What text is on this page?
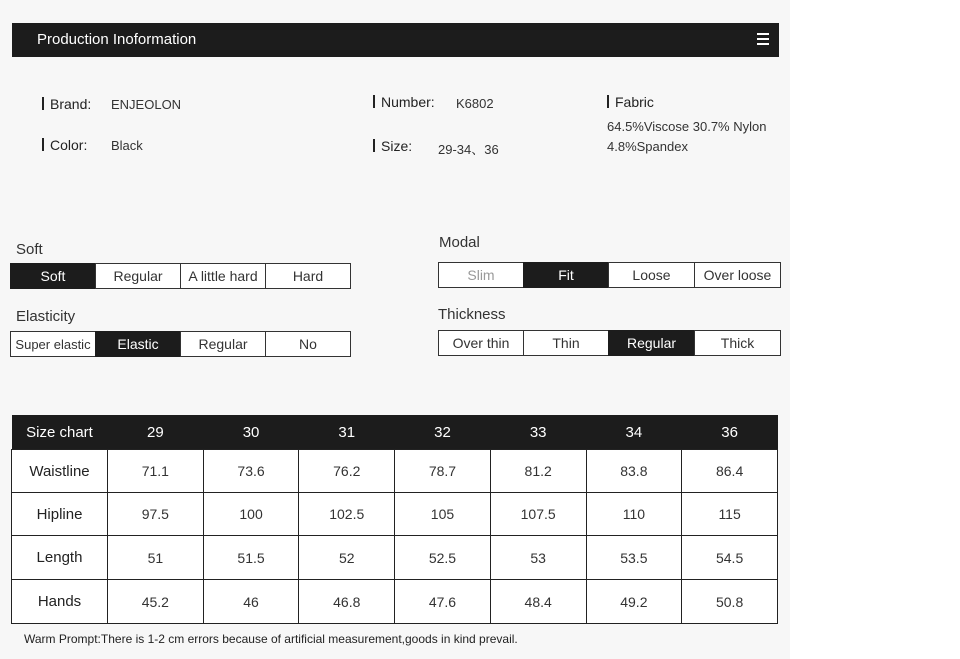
Production Inoformation
Brand: ENJEOLON
Color: Black
Number: K6802
Size: 29-34、36
Fabric
64.5%Viscose 30.7% Nylon
4.8%Spandex
Soft
Soft	Regular	A little hard	Hard
Elasticity
Super elastic	Elastic	Regular	No
Modal
Slim	Fit	Loose	Over loose
Thickness
Over thin	Thin	Regular	Thick
Size chart	29	30	31	32	33	34	36
Waistline	71.1	73.6	76.2	78.7	81.2	83.8	86.4
Hipline	97.5	100	102.5	105	107.5	110	115
Length	51	51.5	52	52.5	53	53.5	54.5
Hands	45.2	46	46.8	47.6	48.4	49.2	50.8
Warm Prompt:There is 1-2 cm errors because of artificial measurement,goods in kind prevail.
